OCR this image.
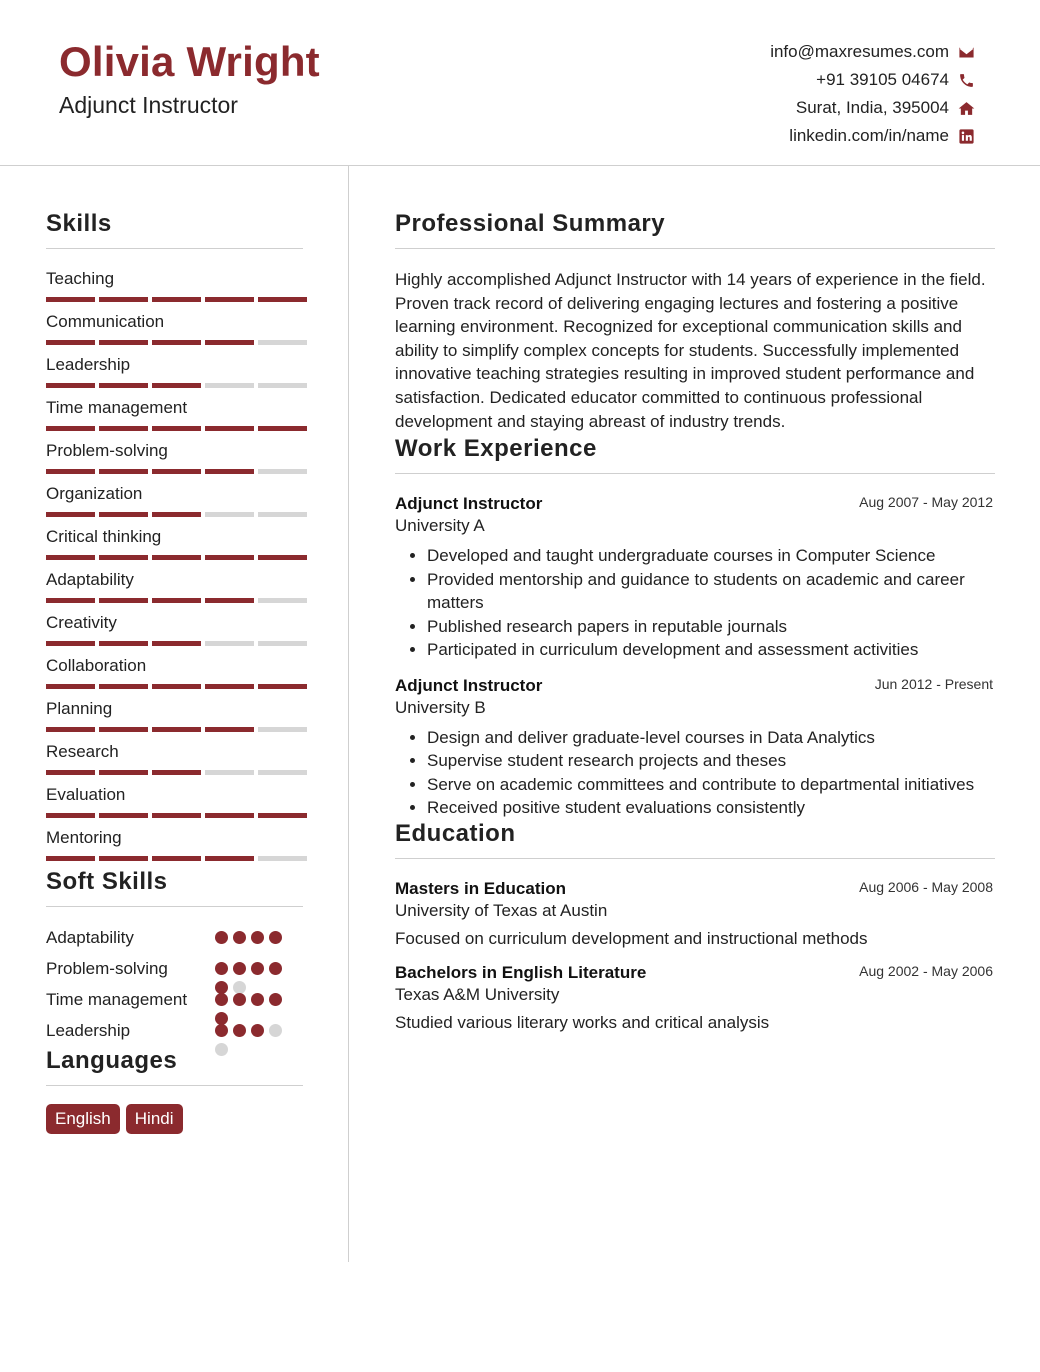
Olivia Wright
Adjunct Instructor
info@maxresumes.com
+91 39105 04674
Surat, India, 395004
linkedin.com/in/name
Skills
Teaching
Communication
Leadership
Time management
Problem-solving
Organization
Critical thinking
Adaptability
Creativity
Collaboration
Planning
Research
Evaluation
Mentoring
Soft Skills
Adaptability
Problem-solving
Time management
Leadership
Languages
English	Hindi
Professional Summary
Highly accomplished Adjunct Instructor with 14 years of experience in the field. Proven track record of delivering engaging lectures and fostering a positive learning environment. Recognized for exceptional communication skills and ability to simplify complex concepts for students. Successfully implemented innovative teaching strategies resulting in improved student performance and satisfaction. Dedicated educator committed to continuous professional development and staying abreast of industry trends.
Work Experience
Adjunct Instructor
University A
Aug 2007 - May 2012
• Developed and taught undergraduate courses in Computer Science
• Provided mentorship and guidance to students on academic and career matters
• Published research papers in reputable journals
• Participated in curriculum development and assessment activities
Adjunct Instructor
University B
Jun 2012 - Present
• Design and deliver graduate-level courses in Data Analytics
• Supervise student research projects and theses
• Serve on academic committees and contribute to departmental initiatives
• Received positive student evaluations consistently
Education
Masters in Education
University of Texas at Austin
Aug 2006 - May 2008
Focused on curriculum development and instructional methods
Bachelors in English Literature
Texas A&M University
Aug 2002 - May 2006
Studied various literary works and critical analysis
